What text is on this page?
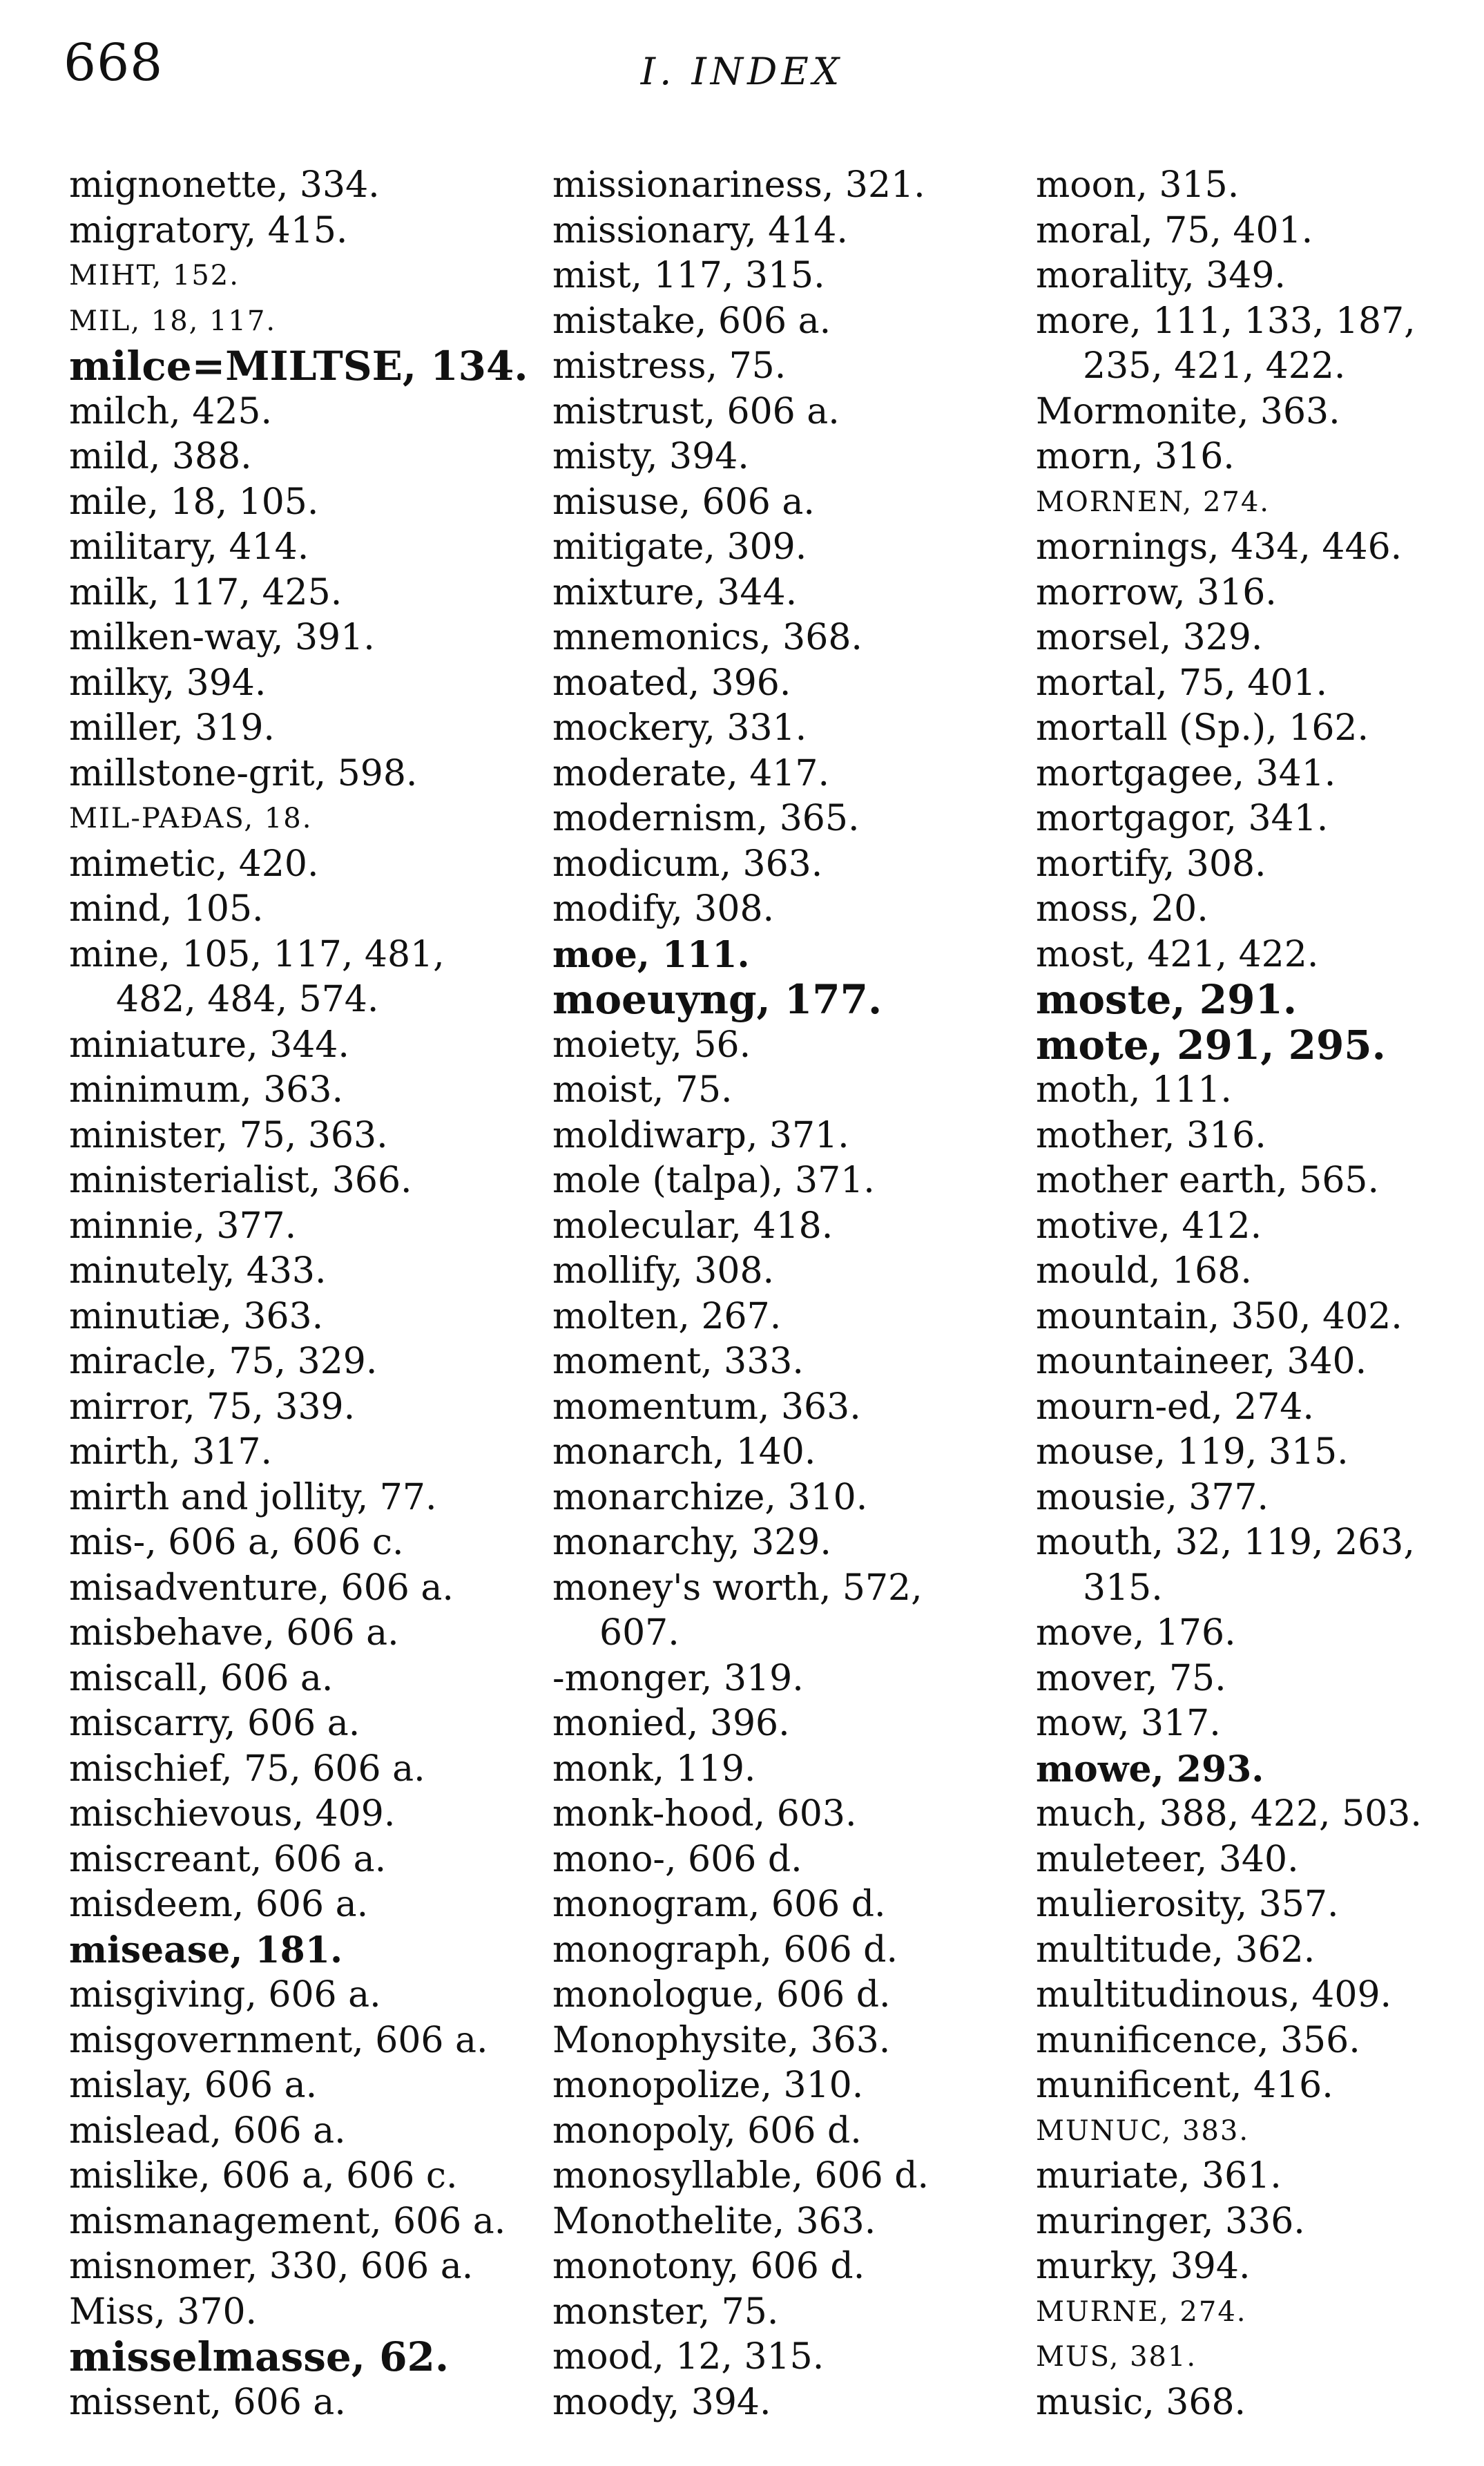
668	I. INDEX
mignonette, 334.
migratory, 415.
MIHT, 152.
MIL, 18, 117.
milce=MILTSE, 134.
milch, 425.
mild, 388.
mile, 18, 105.
military, 414.
milk, 117, 425.
milken-way, 391.
milky, 394.
miller, 319.
millstone-grit, 598.
MIL-PAÐAS, 18.
mimetic, 420.
mind, 105.
mine, 105, 117, 481,
482, 484, 574.
miniature, 344.
minimum, 363.
minister, 75, 363.
ministerialist, 366.
minnie, 377.
minutely, 433.
minutiæ, 363.
miracle, 75, 329.
mirror, 75, 339.
mirth, 317.
mirth and jollity, 77.
mis-, 606 a, 606 c.
misadventure, 606 a.
misbehave, 606 a.
miscall, 606 a.
miscarry, 606 a.
mischief, 75, 606 a.
mischievous, 409.
miscreant, 606 a.
misdeem, 606 a.
misease, 181.
misgiving, 606 a.
misgovernment, 606 a.
mislay, 606 a.
mislead, 606 a.
mislike, 606 a, 606 c.
mismanagement, 606 a.
misnomer, 330, 606 a.
Miss, 370.
misselmasse, 62.
missent, 606 a.
missionariness, 321.
missionary, 414.
mist, 117, 315.
mistake, 606 a.
mistress, 75.
mistrust, 606 a.
misty, 394.
misuse, 606 a.
mitigate, 309.
mixture, 344.
mnemonics, 368.
moated, 396.
mockery, 331.
moderate, 417.
modernism, 365.
modicum, 363.
modify, 308.
moe, 111.
moeuyng, 177.
moiety, 56.
moist, 75.
moldiwarp, 371.
mole (talpa), 371.
molecular, 418.
mollify, 308.
molten, 267.
moment, 333.
momentum, 363.
monarch, 140.
monarchize, 310.
monarchy, 329.
money's worth, 572,
607.
-monger, 319.
monied, 396.
monk, 119.
monk-hood, 603.
mono-, 606 d.
monogram, 606 d.
monograph, 606 d.
monologue, 606 d.
Monophysite, 363.
monopolize, 310.
monopoly, 606 d.
monosyllable, 606 d.
Monothelite, 363.
monotony, 606 d.
monster, 75.
mood, 12, 315.
moody, 394.
moon, 315.
moral, 75, 401.
morality, 349.
more, 111, 133, 187,
235, 421, 422.
Mormonite, 363.
morn, 316.
MORNEN, 274.
mornings, 434, 446.
morrow, 316.
morsel, 329.
mortal, 75, 401.
mortall (Sp.), 162.
mortgagee, 341.
mortgagor, 341.
mortify, 308.
moss, 20.
most, 421, 422.
moste, 291.
mote, 291, 295.
moth, 111.
mother, 316.
mother earth, 565.
motive, 412.
mould, 168.
mountain, 350, 402.
mountaineer, 340.
mourn-ed, 274.
mouse, 119, 315.
mousie, 377.
mouth, 32, 119, 263,
315.
move, 176.
mover, 75.
mow, 317.
mowe, 293.
much, 388, 422, 503.
muleteer, 340.
mulierosity, 357.
multitude, 362.
multitudinous, 409.
munificence, 356.
munificent, 416.
MUNUC, 383.
muriate, 361.
muringer, 336.
murky, 394.
MURNE, 274.
MUS, 381.
music, 368.
